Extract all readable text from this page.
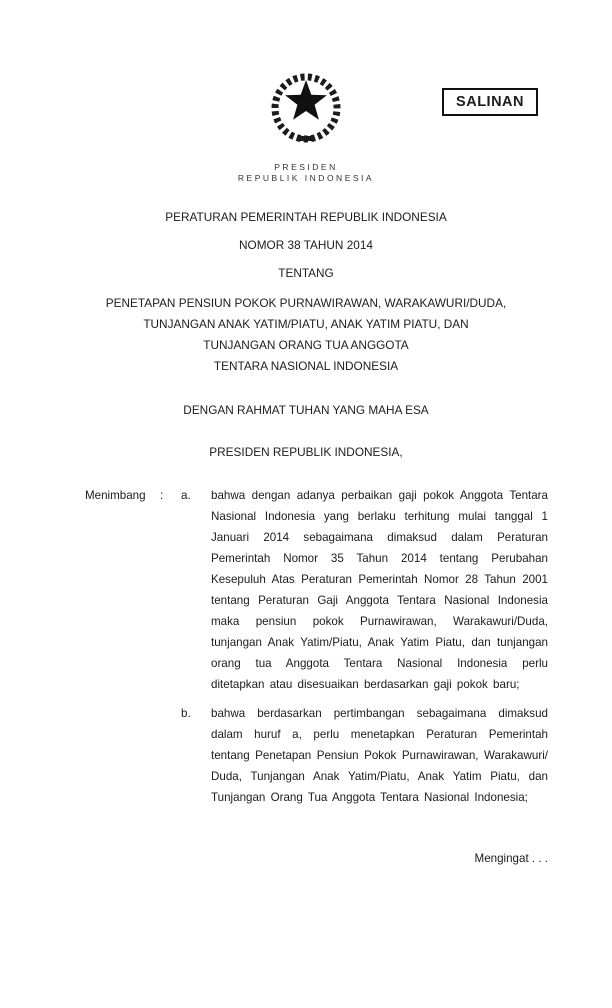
SALINAN
PRESIDEN
REPUBLIK INDONESIA
PERATURAN PEMERINTAH REPUBLIK INDONESIA
NOMOR 38 TAHUN 2014
TENTANG
PENETAPAN PENSIUN POKOK PURNAWIRAWAN, WARAKAWURI/DUDA,
TUNJANGAN ANAK YATIM/PIATU, ANAK YATIM PIATU, DAN
TUNJANGAN ORANG TUA ANGGOTA
TENTARA NASIONAL INDONESIA
DENGAN RAHMAT TUHAN YANG MAHA ESA
PRESIDEN REPUBLIK INDONESIA,
Menimbang	:	a.	bahwa dengan adanya perbaikan gaji pokok Anggota Tentara Nasional Indonesia yang berlaku terhitung mulai tanggal 1 Januari 2014 sebagaimana dimaksud dalam Peraturan Pemerintah Nomor 35 Tahun 2014 tentang Perubahan Kesepuluh Atas Peraturan Pemerintah Nomor 28 Tahun 2001 tentang Peraturan Gaji Anggota Tentara Nasional Indonesia maka pensiun pokok Purnawirawan, Warakawuri/Duda, tunjangan Anak Yatim/Piatu, Anak Yatim Piatu, dan tunjangan orang tua Anggota Tentara Nasional Indonesia perlu ditetapkan atau disesuaikan berdasarkan gaji pokok baru;
b.	bahwa berdasarkan pertimbangan sebagaimana dimaksud dalam huruf a, perlu menetapkan Peraturan Pemerintah tentang Penetapan Pensiun Pokok Purnawirawan, Warakawuri/ Duda, Tunjangan Anak Yatim/Piatu, Anak Yatim Piatu, dan Tunjangan Orang Tua Anggota Tentara Nasional Indonesia;
Mengingat . . .
